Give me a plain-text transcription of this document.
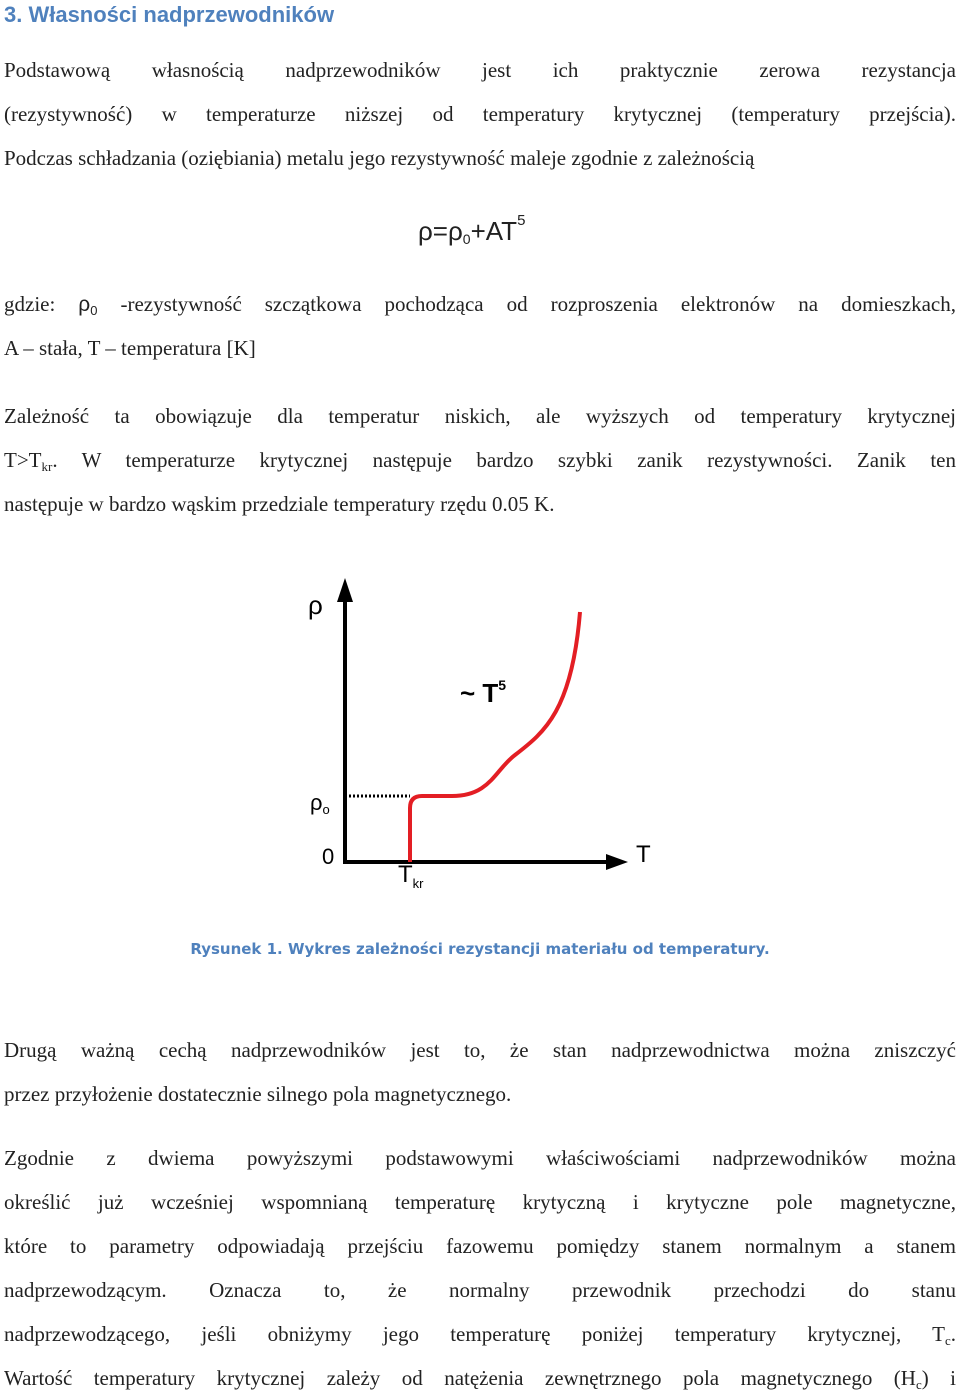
3. Własności nadprzewodników
Podstawową własnością nadprzewodników jest ich praktycznie zerowa rezystancja
(rezystywność) w temperaturze niższej od temperatury krytycznej (temperatury przejścia).
Podczas schładzania (oziębiania) metalu jego rezystywność maleje zgodnie z zależnością
$\rho=\rho_0+AT^5$
gdzie: $\rho_0$ -rezystywność szczątkowa pochodząca od rozproszenia elektronów na domieszkach,
A – stała, T – temperatura [K]
Zależność ta obowiązuje dla temperatur niskich, ale wyższych od temperatury krytycznej
$T>T_{kr}$. W temperaturze krytycznej następuje bardzo szybki zanik rezystywności. Zanik ten
następuje w bardzo wąskim przedziale temperatury rzędu 0.05 K.
ρ
T
ρo
0
$T_{kr}$
~ $T^5$
Rysunek 1. Wykres zależności rezystancji materiału od temperatury.
Drugą ważną cechą nadprzewodników jest to, że stan nadprzewodnictwa można zniszczyć
przez przyłożenie dostatecznie silnego pola magnetycznego.
Zgodnie z dwiema powyższymi podstawowymi właściwościami nadprzewodników można
określić już wcześniej wspomnianą temperaturę krytyczną i krytyczne pole magnetyczne,
które to parametry odpowiadają przejściu fazowemu pomiędzy stanem normalnym a stanem
nadprzewodzącym. Oznacza to, że normalny przewodnik przechodzi do stanu
nadprzewodzącego, jeśli obniżymy jego temperaturę poniżej temperatury krytycznej, $T_c$.
Wartość temperatury krytycznej zależy od natężenia zewnętrznego pola magnetycznego $(H_c)$ i
